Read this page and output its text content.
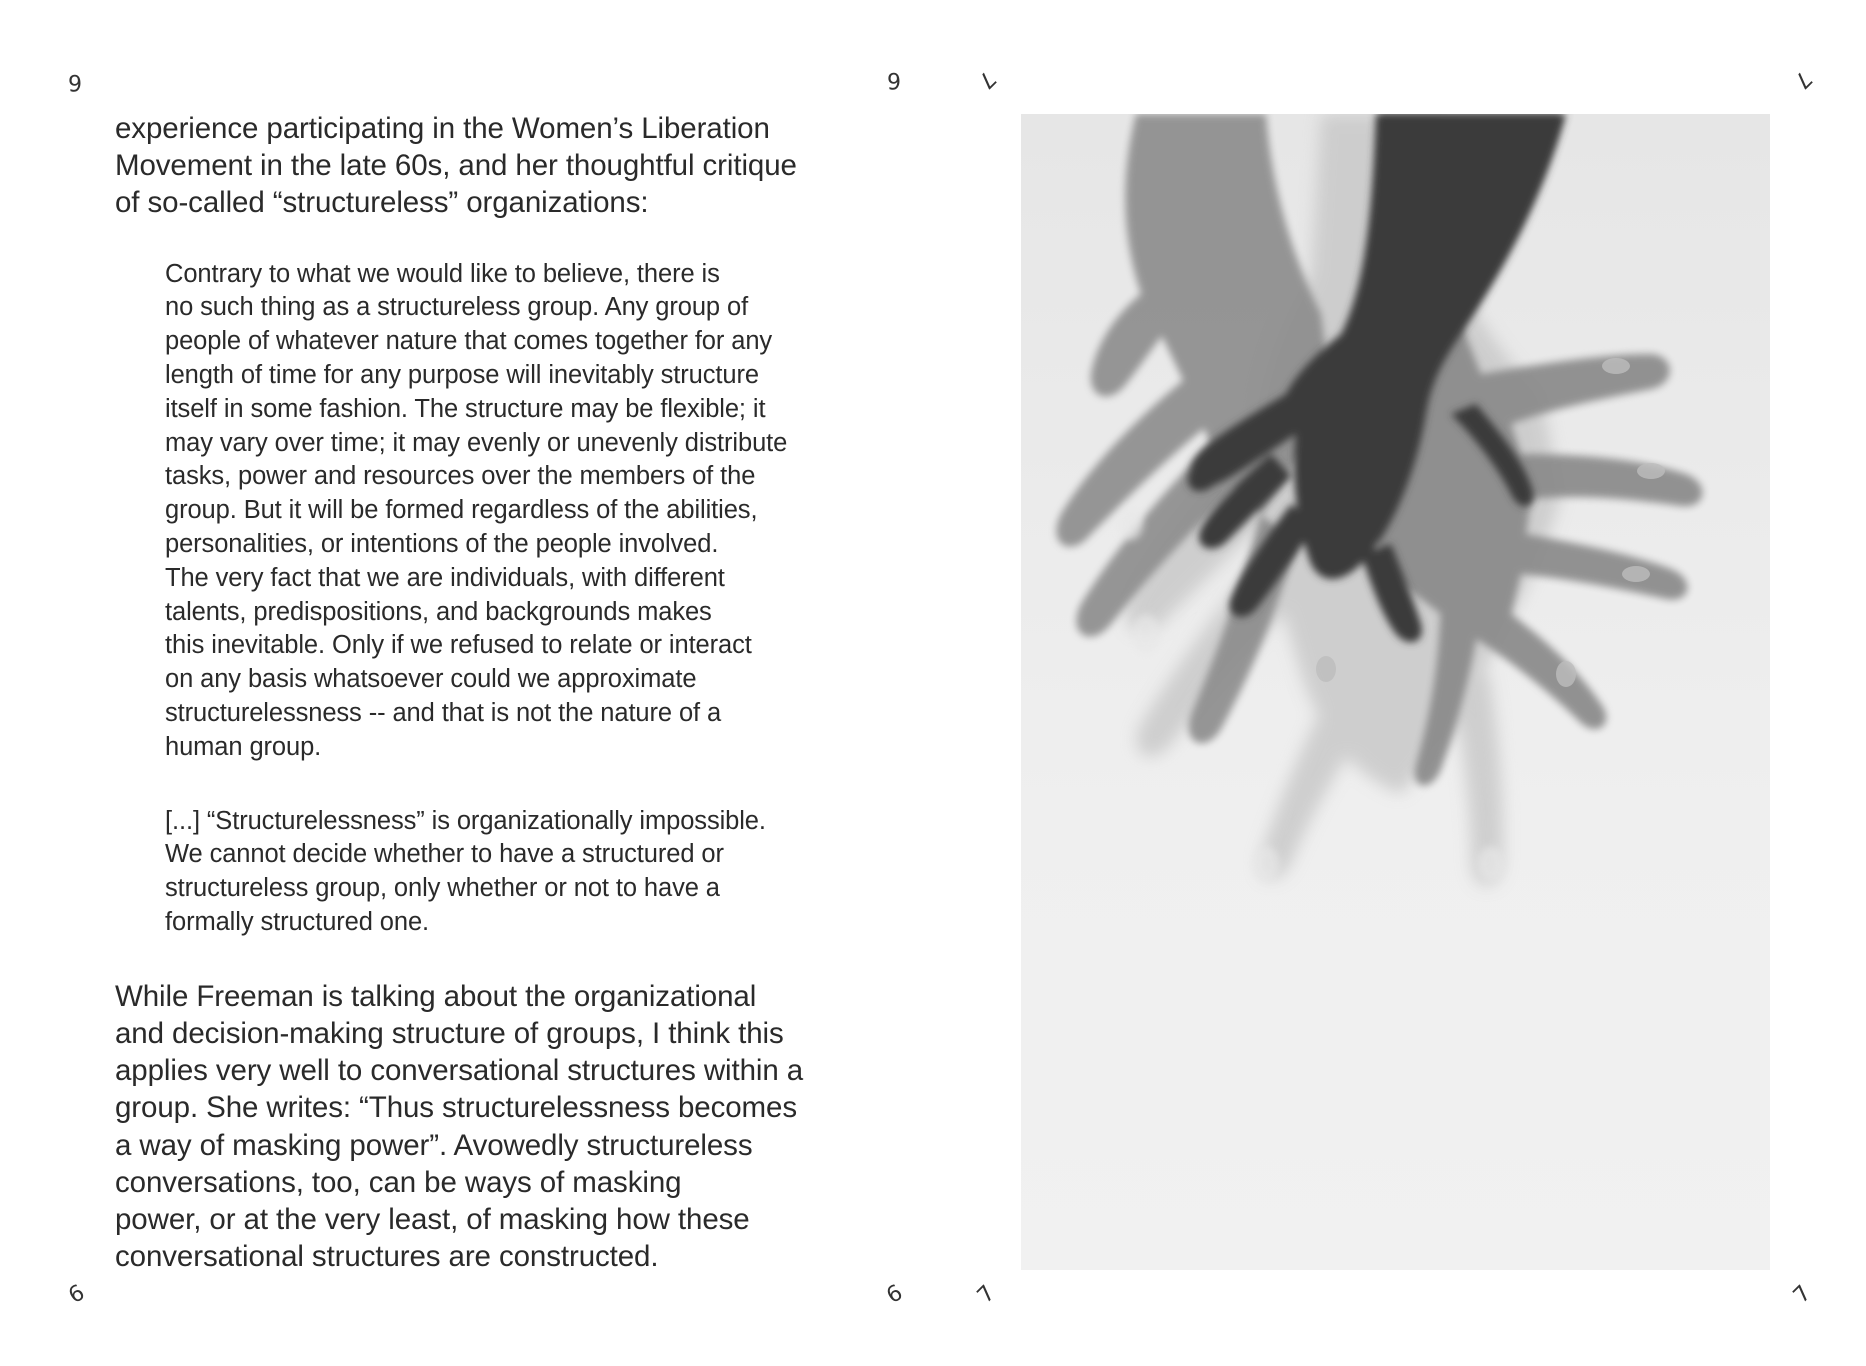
6	6	7	7
6	6	7	7

experience participating in the Women’s Liberation
Movement in the late 60s, and her thoughtful critique
of so-called “structureless” organizations:

Contrary to what we would like to believe, there is
no such thing as a structureless group. Any group of
people of whatever nature that comes together for any
length of time for any purpose will inevitably structure
itself in some fashion. The structure may be flexible; it
may vary over time; it may evenly or unevenly distribute
tasks, power and resources over the members of the
group. But it will be formed regardless of the abilities,
personalities, or intentions of the people involved.
The very fact that we are individuals, with different
talents, predispositions, and backgrounds makes
this inevitable. Only if we refused to relate or interact
on any basis whatsoever could we approximate
structurelessness -- and that is not the nature of a
human group.

[...] “Structurelessness” is organizationally impossible.
We cannot decide whether to have a structured or
structureless group, only whether or not to have a
formally structured one.

While Freeman is talking about the organizational
and decision-making structure of groups, I think this
applies very well to conversational structures within a
group. She writes: “Thus structurelessness becomes
a way of masking power”. Avowedly structureless
conversations, too, can be ways of masking
power, or at the very least, of masking how these
conversational structures are constructed.
